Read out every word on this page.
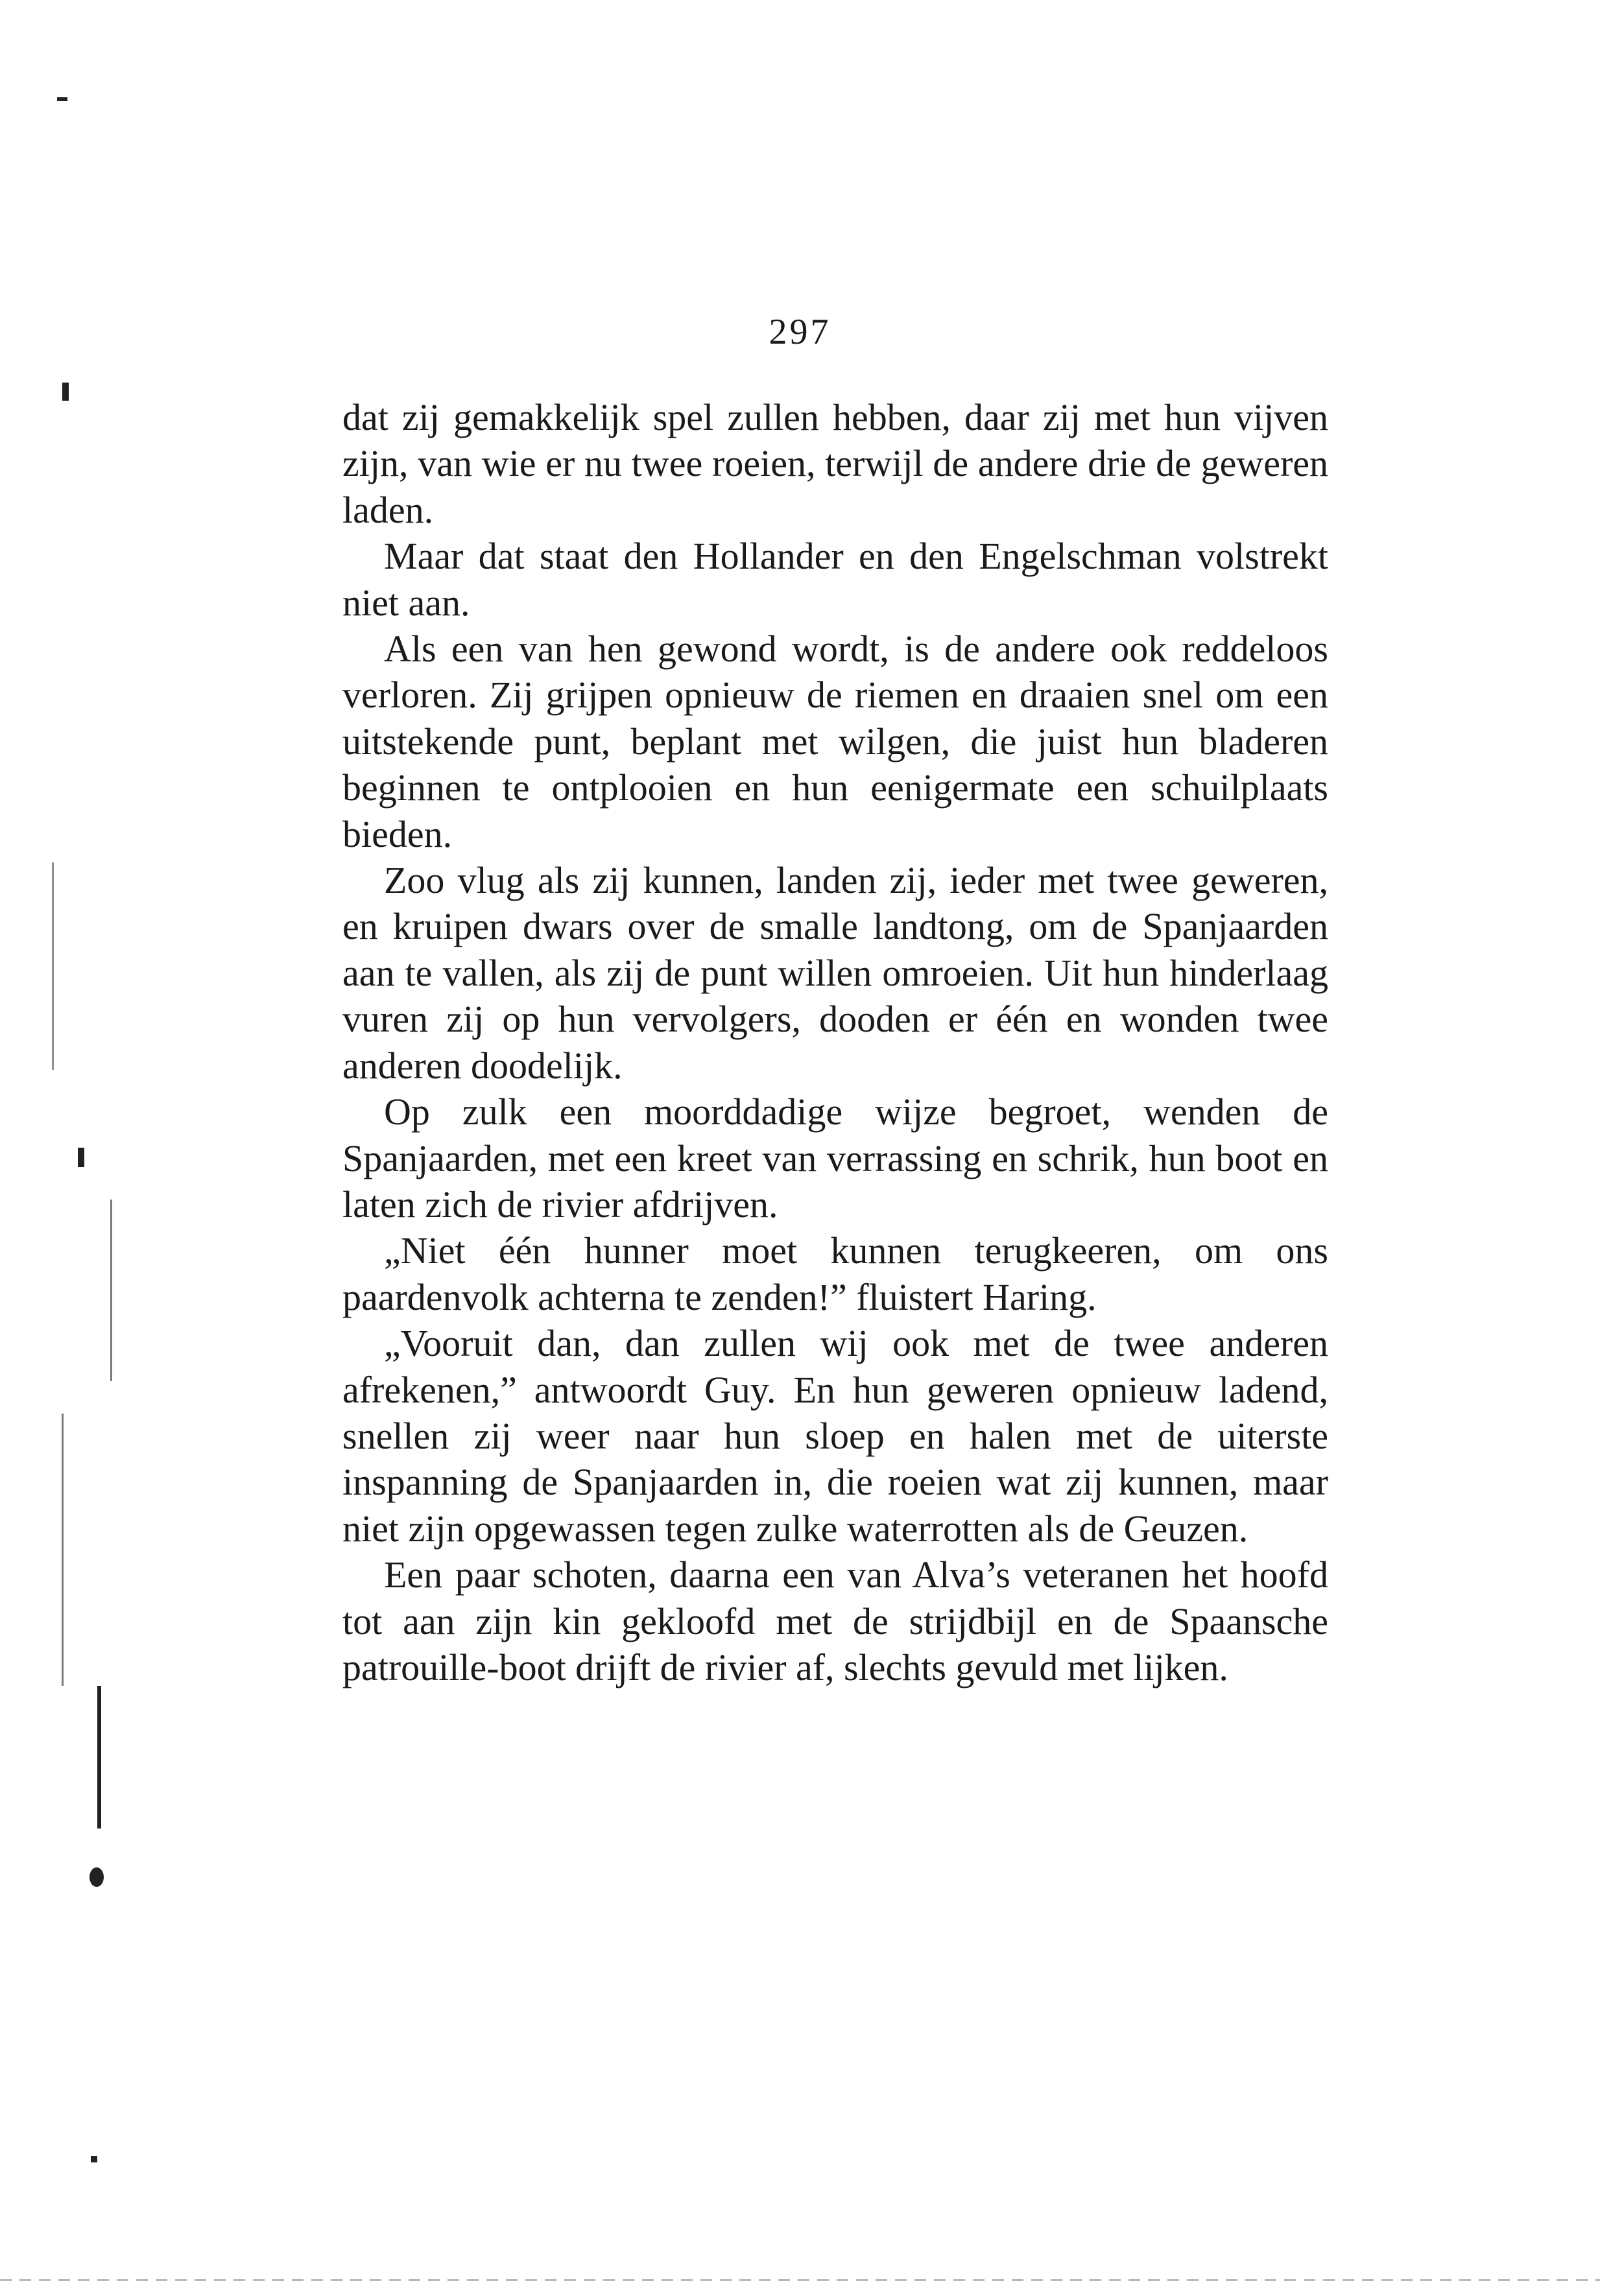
297

dat zij gemakkelijk spel zullen hebben, daar zij met hun vijven zijn, van wie er nu twee roeien, terwijl de andere drie de geweren laden.

Maar dat staat den Hollander en den Engelschman volstrekt niet aan.

Als een van hen gewond wordt, is de andere ook reddeloos verloren. Zij grijpen opnieuw de riemen en draaien snel om een uitstekende punt, beplant met wilgen, die juist hun bladeren beginnen te ontplooien en hun eenigermate een schuilplaats bieden.

Zoo vlug als zij kunnen, landen zij, ieder met twee geweren, en kruipen dwars over de smalle landtong, om de Spanjaarden aan te vallen, als zij de punt willen omroeien. Uit hun hinderlaag vuren zij op hun vervolgers, dooden er één en wonden twee anderen doodelijk.

Op zulk een moorddadige wijze begroet, wenden de Spanjaarden, met een kreet van verrassing en schrik, hun boot en laten zich de rivier afdrijven.

„Niet één hunner moet kunnen terugkeeren, om ons paardenvolk achterna te zenden!” fluistert Haring.

„Vooruit dan, dan zullen wij ook met de twee anderen afrekenen,” antwoordt Guy. En hun geweren opnieuw ladend, snellen zij weer naar hun sloep en halen met de uiterste inspanning de Spanjaarden in, die roeien wat zij kunnen, maar niet zijn opgewassen tegen zulke waterrotten als de Geuzen.

Een paar schoten, daarna een van Alva’s veteranen het hoofd tot aan zijn kin gekloofd met de strijdbijl en de Spaansche patrouille-boot drijft de rivier af, slechts gevuld met lijken.
